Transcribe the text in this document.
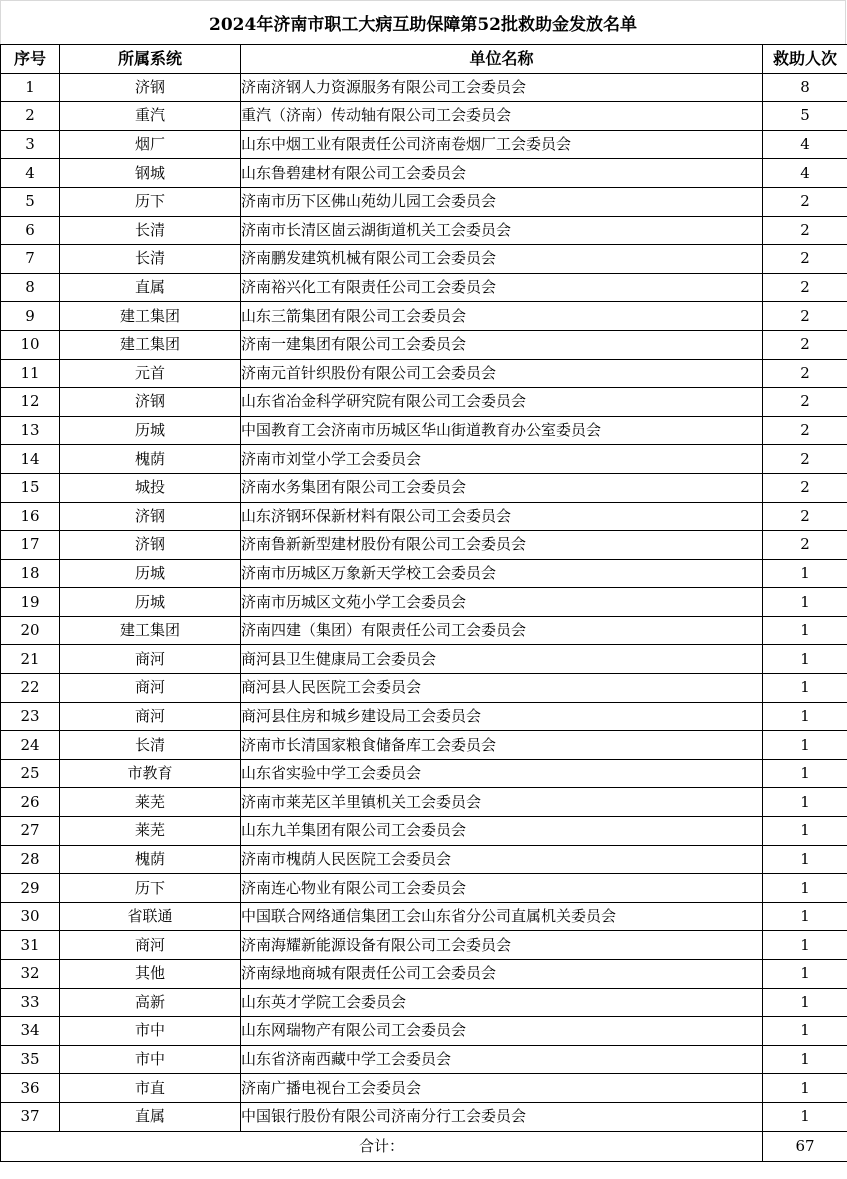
2024年济南市职工大病互助保障第52批救助金发放名单
序号	所属系统	单位名称	救助人次
1	济钢	济南济钢人力资源服务有限公司工会委员会	8
2	重汽	重汽（济南）传动轴有限公司工会委员会	5
3	烟厂	山东中烟工业有限责任公司济南卷烟厂工会委员会	4
4	钢城	山东鲁碧建材有限公司工会委员会	4
5	历下	济南市历下区佛山苑幼儿园工会委员会	2
6	长清	济南市长清区崮云湖街道机关工会委员会	2
7	长清	济南鹏发建筑机械有限公司工会委员会	2
8	直属	济南裕兴化工有限责任公司工会委员会	2
9	建工集团	山东三箭集团有限公司工会委员会	2
10	建工集团	济南一建集团有限公司工会委员会	2
11	元首	济南元首针织股份有限公司工会委员会	2
12	济钢	山东省冶金科学研究院有限公司工会委员会	2
13	历城	中国教育工会济南市历城区华山街道教育办公室委员会	2
14	槐荫	济南市刘堂小学工会委员会	2
15	城投	济南水务集团有限公司工会委员会	2
16	济钢	山东济钢环保新材料有限公司工会委员会	2
17	济钢	济南鲁新新型建材股份有限公司工会委员会	2
18	历城	济南市历城区万象新天学校工会委员会	1
19	历城	济南市历城区文苑小学工会委员会	1
20	建工集团	济南四建（集团）有限责任公司工会委员会	1
21	商河	商河县卫生健康局工会委员会	1
22	商河	商河县人民医院工会委员会	1
23	商河	商河县住房和城乡建设局工会委员会	1
24	长清	济南市长清国家粮食储备库工会委员会	1
25	市教育	山东省实验中学工会委员会	1
26	莱芜	济南市莱芜区羊里镇机关工会委员会	1
27	莱芜	山东九羊集团有限公司工会委员会	1
28	槐荫	济南市槐荫人民医院工会委员会	1
29	历下	济南连心物业有限公司工会委员会	1
30	省联通	中国联合网络通信集团工会山东省分公司直属机关委员会	1
31	商河	济南海耀新能源设备有限公司工会委员会	1
32	其他	济南绿地商城有限责任公司工会委员会	1
33	高新	山东英才学院工会委员会	1
34	市中	山东网瑞物产有限公司工会委员会	1
35	市中	山东省济南西藏中学工会委员会	1
36	市直	济南广播电视台工会委员会	1
37	直属	中国银行股份有限公司济南分行工会委员会	1
合计：			67
